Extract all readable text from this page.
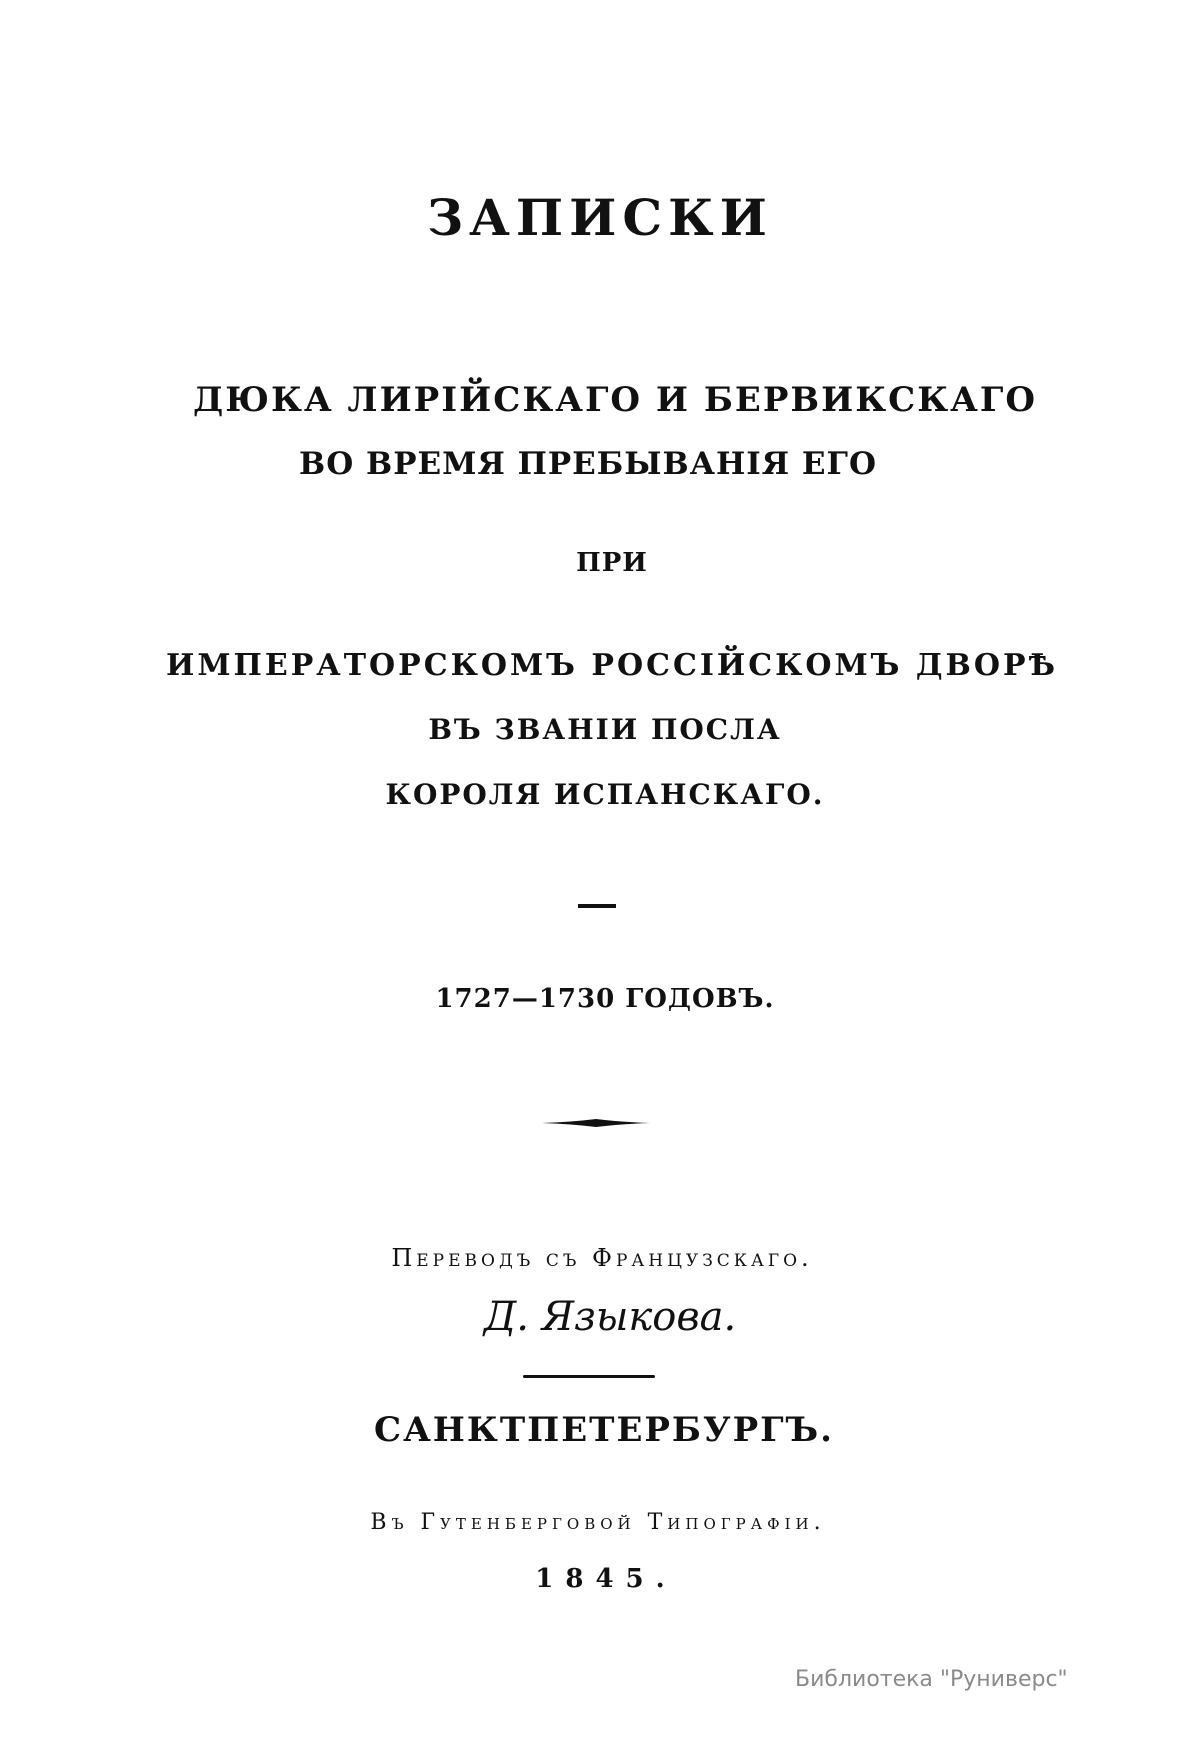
ЗАПИСКИ
ДЮКА ЛИРІЙСКАГО И БЕРВИКСКАГО
ВО ВРЕМЯ ПРЕБЫВАНІЯ ЕГО
ПРИ
ИМПЕРАТОРСКОМЪ РОССІЙСКОМЪ ДВОРѢ
ВЪ ЗВАНІИ ПОСЛА
КОРОЛЯ ИСПАНСКАГО.
1727—1730 ГОДОВЪ.
Переводъ съ Французскаго.
Д. Языкова.
САНКТПЕТЕРБУРГЪ.
Въ Гутенберговой Типографіи.
1845.
Библиотека "Руниверс"
